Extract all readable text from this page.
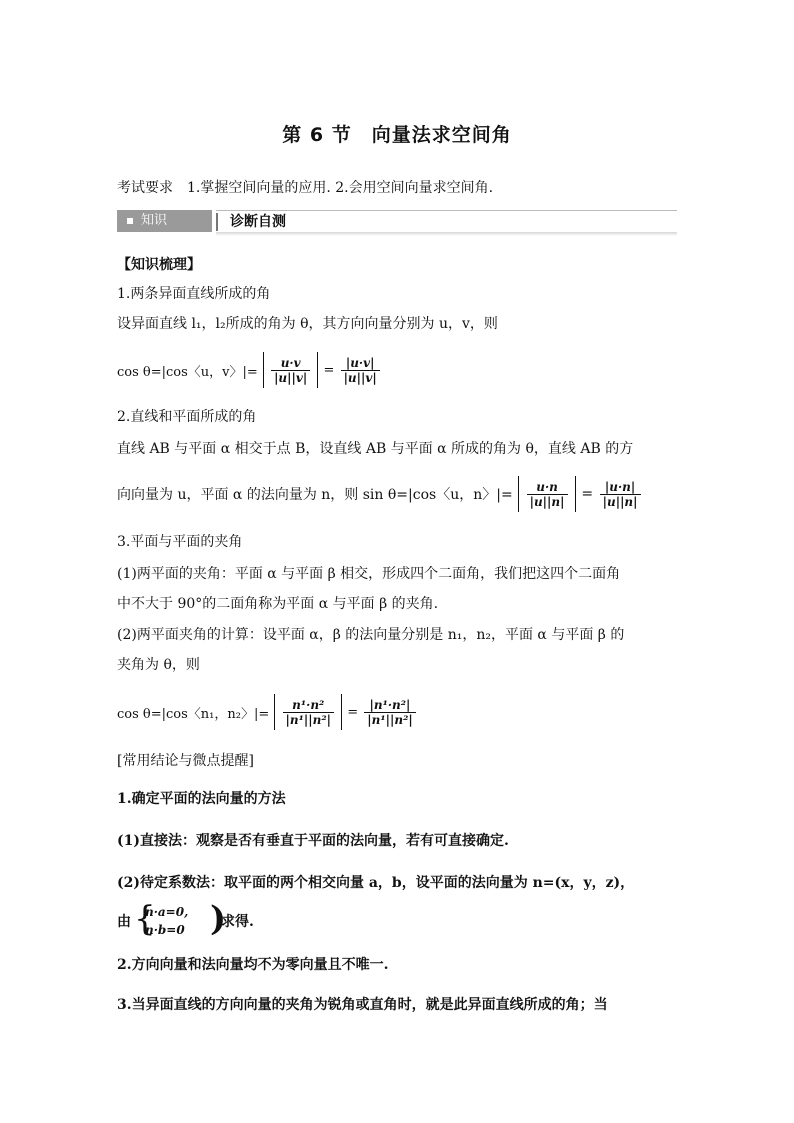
第 6 节　向量法求空间角
考试要求　1.掌握空间向量的应用. 2.会用空间向量求空间角.
知识	诊断自测
【知识梳理】
1.两条异面直线所成的角
设异面直线 l₁，l₂所成的角为 θ，其方向向量分别为 u，v，则
cos θ=|cos〈u，v〉|= $\frac{u\cdot v}{|u||v|} = \frac{|u\cdot v|}{|u||v|}$
2.直线和平面所成的角
直线 AB 与平面 α 相交于点 B，设直线 AB 与平面 α 所成的角为 θ，直线 AB 的方
向向量为 u，平面 α 的法向量为 n，则 sin θ=|cos〈u，n〉|= $\frac{u\cdot n}{|u||n|} = \frac{|u\cdot n|}{|u||n|}$
3.平面与平面的夹角
(1)两平面的夹角：平面 α 与平面 β 相交，形成四个二面角，我们把这四个二面角
中不大于 90°的二面角称为平面 α 与平面 β 的夹角.
(2)两平面夹角的计算：设平面 α，β 的法向量分别是 n₁，n₂，平面 α 与平面 β 的
夹角为 θ，则
cos θ=|cos〈n₁，n₂〉|= $\frac{\text{n¹·n²}}{\text{|n¹||n²|}} = \frac{\text{|n¹·n²|}}{\text{|n¹||n²|}}$
[常用结论与微点提醒]
1.确定平面的法向量的方法
(1)直接法：观察是否有垂直于平面的法向量，若有可直接确定.
(2)待定系数法：取平面的两个相交向量 a，b，设平面的法向量为 n=(x，y，z)，
由 {
n·a=0,
n·b=0 )
求得.
2.方向向量和法向量均不为零向量且不唯一.
3.当异面直线的方向向量的夹角为锐角或直角时，就是此异面直线所成的角；当
